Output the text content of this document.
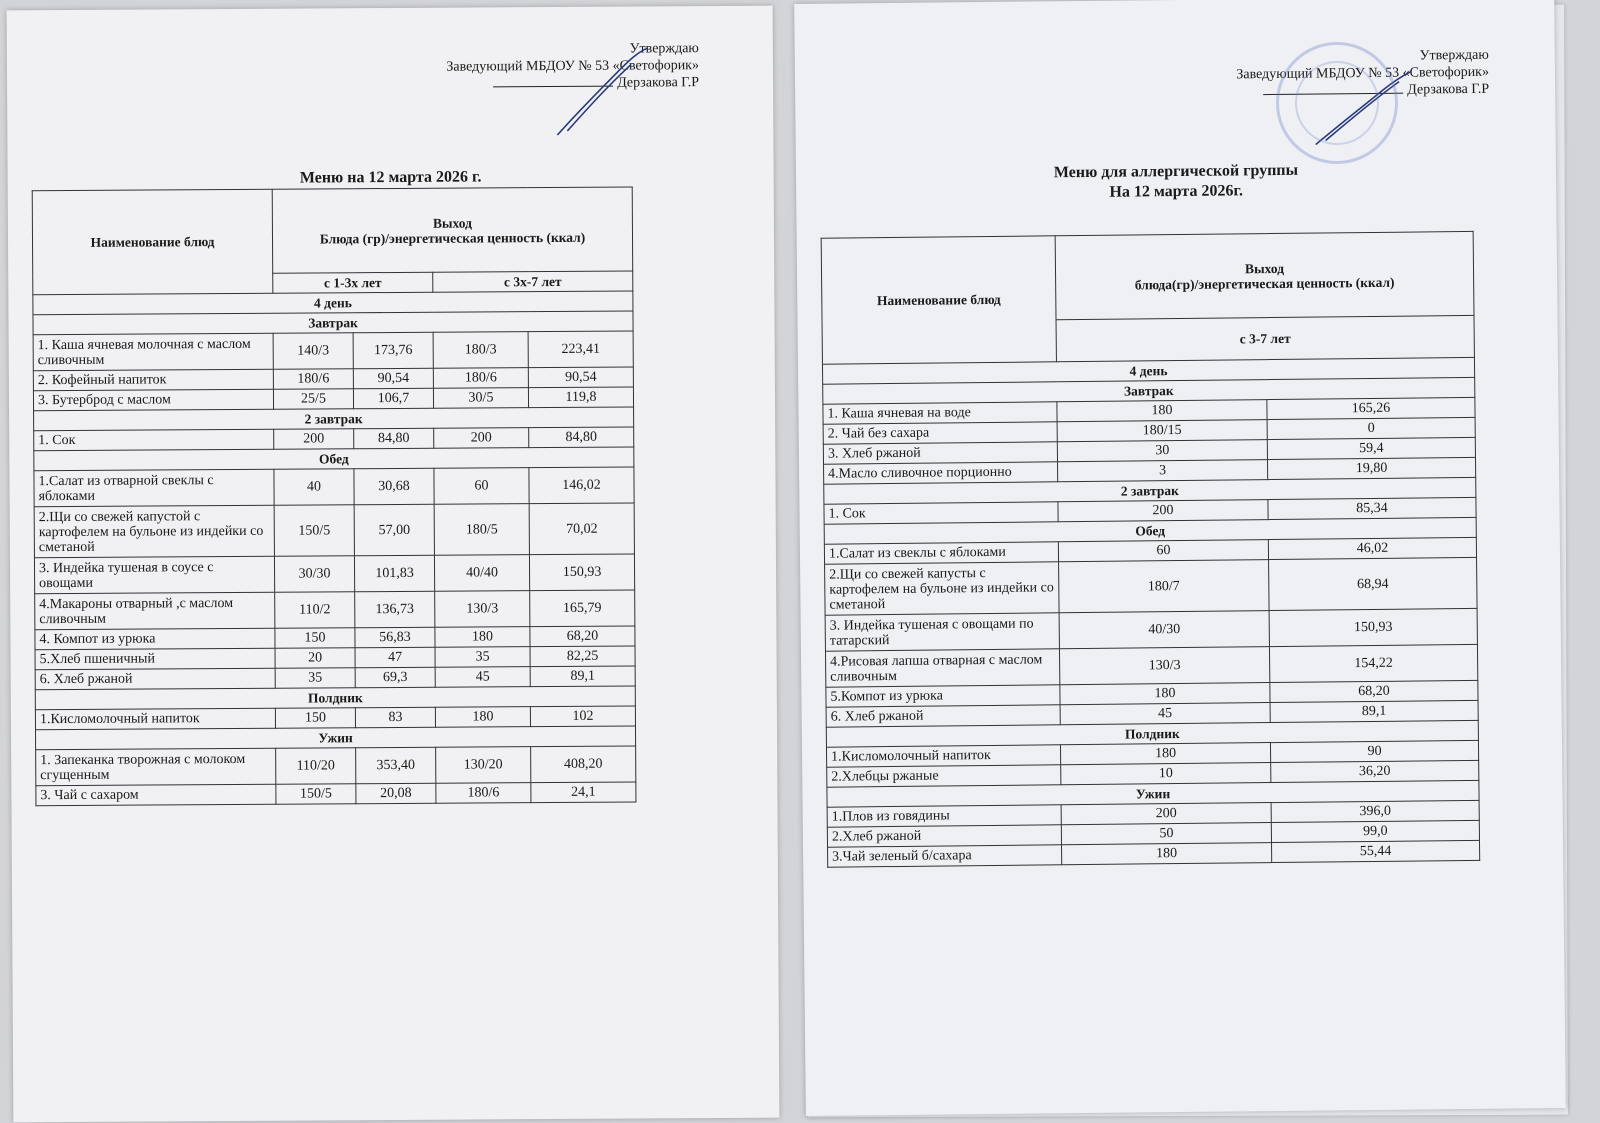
Утверждаю
Заведующий МБДОУ № 53 «Светофорик»
Дерзакова Г.Р
Меню на 12 марта 2026 г.
Наименование блюд	Выход
Блюда (гр)/энергетическая ценность (ккал)			

	с 1-3х лет		с 3х-7 лет	
4 день				
Завтрак				
1. Каша ячневая молочная с маслом сливочным	140/3	173,76	180/3	223,41
2. Кофейный напиток	180/6	90,54	180/6	90,54
3. Бутерброд с маслом	25/5	106,7	30/5	119,8
2 завтрак				
1. Сок	200	84,80	200	84,80
Обед				
1.Салат из отварной свеклы с яблоками	40	30,68	60	146,02
2.Щи со свежей капустой с картофелем на бульоне из индейки со сметаной	150/5	57,00	180/5	70,02
3. Индейка тушеная в соусе с овощами	30/30	101,83	40/40	150,93
4.Макароны отварный ,с маслом сливочным	110/2	136,73	130/3	165,79
4. Компот из урюка	150	56,83	180	68,20
5.Хлеб пшеничный	20	47	35	82,25
6. Хлеб ржаной	35	69,3	45	89,1
Полдник				
1.Кисломолочный напиток	150	83	180	102
Ужин				
1. Запеканка творожная с молоком сгущенным	110/20	353,40	130/20	408,20
3. Чай с сахаром	150/5	20,08	180/6	24,1
Утверждаю
Заведующий МБДОУ № 53 «Светофорик»
Дерзакова Г.Р
Меню для аллергической группы
На 12 марта 2026г.
Наименование блюд	Выход
блюда(гр)/энергетическая ценность (ккал)	

	с 3-7 лет	
4 день		
Завтрак		
1. Каша ячневая на воде	180	165,26
2. Чай без сахара	180/15	0
3. Хлеб ржаной	30	59,4
4.Масло сливочное порционно	3	19,80
2 завтрак		
1. Сок	200	85,34
Обед		
1.Салат из свеклы с яблоками	60	46,02
2.Щи со свежей капусты с картофелем на бульоне из индейки со сметаной	180/7	68,94
3. Индейка тушеная с овощами по татарский	40/30	150,93
4.Рисовая лапша отварная с маслом сливочным	130/3	154,22
5.Компот из урюка	180	68,20
6. Хлеб ржаной	45	89,1
Полдник		
1.Кисломолочный напиток	180	90
2.Хлебцы ржаные	10	36,20
Ужин		
1.Плов из говядины	200	396,0
2.Хлеб ржаной	50	99,0
3.Чай зеленый б/сахара	180	55,44
